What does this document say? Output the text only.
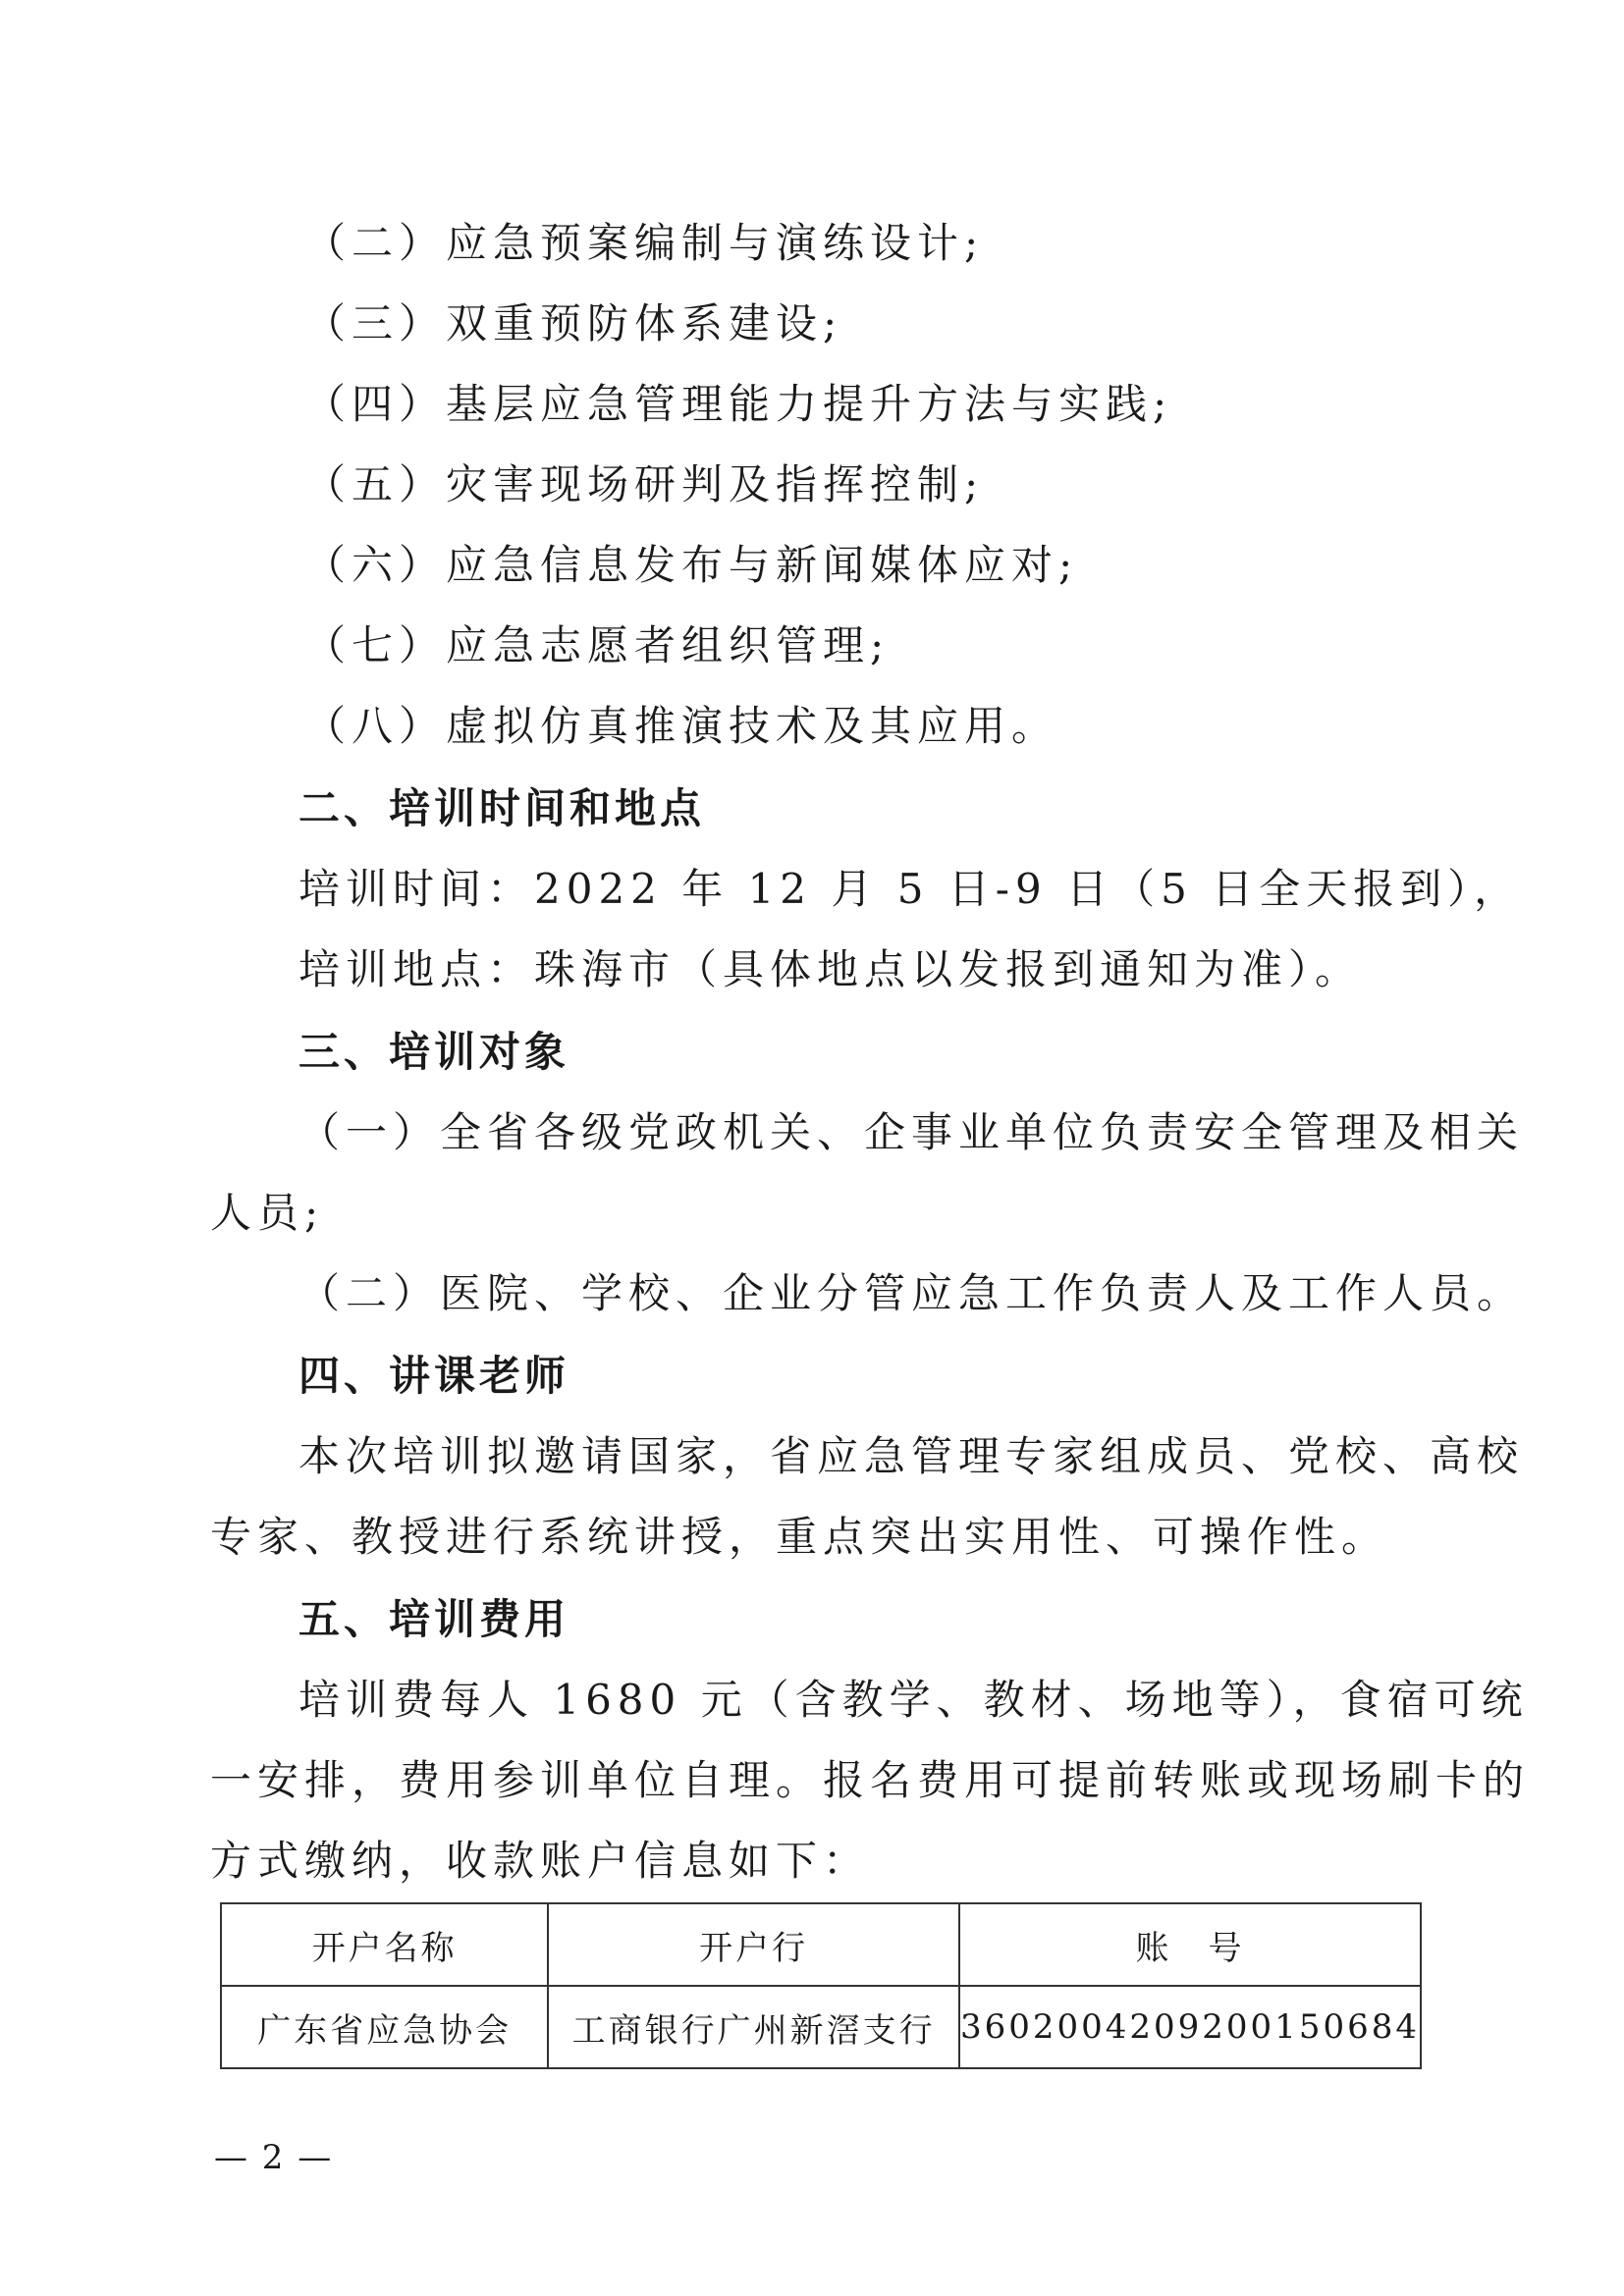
（二）应急预案编制与演练设计;
（三）双重预防体系建设;
（四）基层应急管理能力提升方法与实践;
（五）灾害现场研判及指挥控制;
（六）应急信息发布与新闻媒体应对;
（七）应急志愿者组织管理;
（八）虚拟仿真推演技术及其应用。
二、培训时间和地点
培训时间：2022 年 12 月 5 日-9 日（5 日全天报到），
培训地点：珠海市（具体地点以发报到通知为准）。
三、培训对象
（一）全省各级党政机关、企事业单位负责安全管理及相关
人员;
（二）医院、学校、企业分管应急工作负责人及工作人员。
四、讲课老师
本次培训拟邀请国家，省应急管理专家组成员、党校、高校
专家、教授进行系统讲授，重点突出实用性、可操作性。
五、培训费用
培训费每人 1680 元（含教学、教材、场地等），食宿可统
一安排，费用参训单位自理。报名费用可提前转账或现场刷卡的
方式缴纳，收款账户信息如下：
开户名称	开户行	账　号
广东省应急协会	工商银行广州新滘支行	3602004209200150684
— 2 —
